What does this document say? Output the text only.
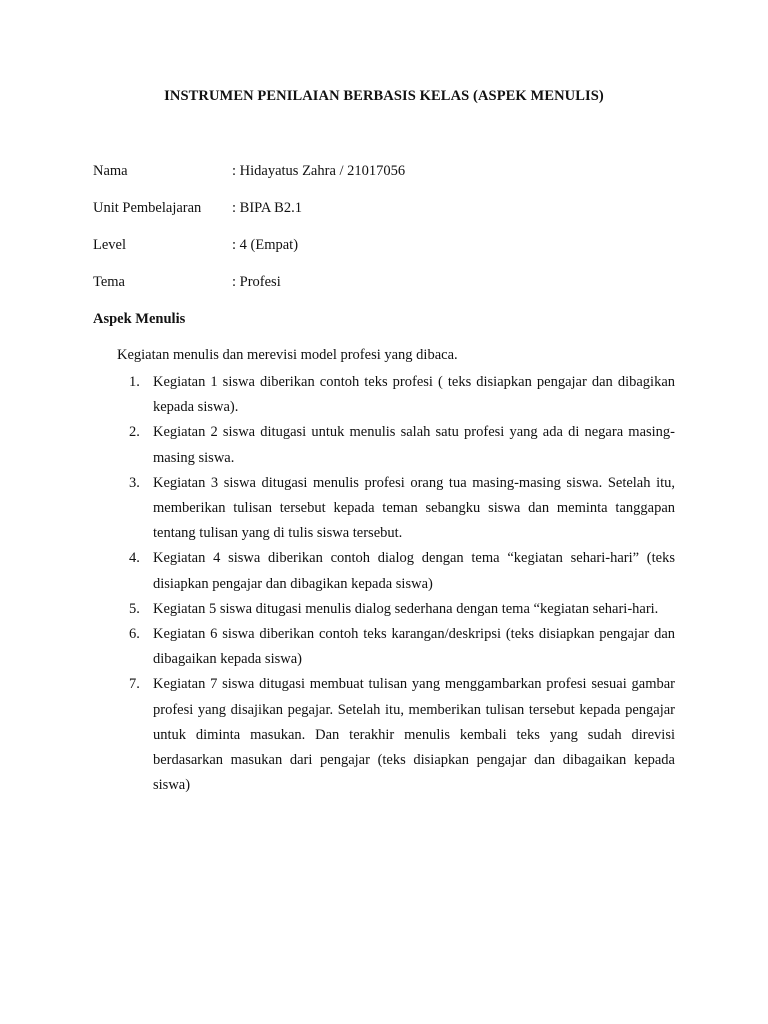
INSTRUMEN PENILAIAN BERBASIS KELAS (ASPEK MENULIS)
Nama	: Hidayatus Zahra / 21017056
Unit Pembelajaran : BIPA B2.1
Level	: 4 (Empat)
Tema	: Profesi
Aspek Menulis
Kegiatan menulis dan merevisi model profesi yang dibaca.
1. Kegiatan 1 siswa diberikan contoh teks profesi ( teks disiapkan pengajar dan dibagikan kepada siswa).
2. Kegiatan 2 siswa ditugasi untuk menulis salah satu profesi yang ada di negara masing-masing siswa.
3. Kegiatan 3 siswa ditugasi menulis profesi orang tua masing-masing siswa. Setelah itu, memberikan tulisan tersebut kepada teman sebangku siswa dan meminta tanggapan tentang tulisan yang di tulis siswa tersebut.
4. Kegiatan 4 siswa diberikan contoh dialog dengan tema “kegiatan sehari-hari” (teks disiapkan pengajar dan dibagikan kepada siswa)
5. Kegiatan 5 siswa ditugasi menulis dialog sederhana dengan tema “kegiatan sehari-hari.
6. Kegiatan 6 siswa diberikan contoh teks karangan/deskripsi (teks disiapkan pengajar dan dibagaikan kepada siswa)
7. Kegiatan 7 siswa ditugasi membuat tulisan yang menggambarkan profesi sesuai gambar profesi yang disajikan pegajar. Setelah itu, memberikan tulisan tersebut kepada pengajar untuk diminta masukan. Dan terakhir menulis kembali teks yang sudah direvisi berdasarkan masukan dari pengajar (teks disiapkan pengajar dan dibagaikan kepada siswa)
